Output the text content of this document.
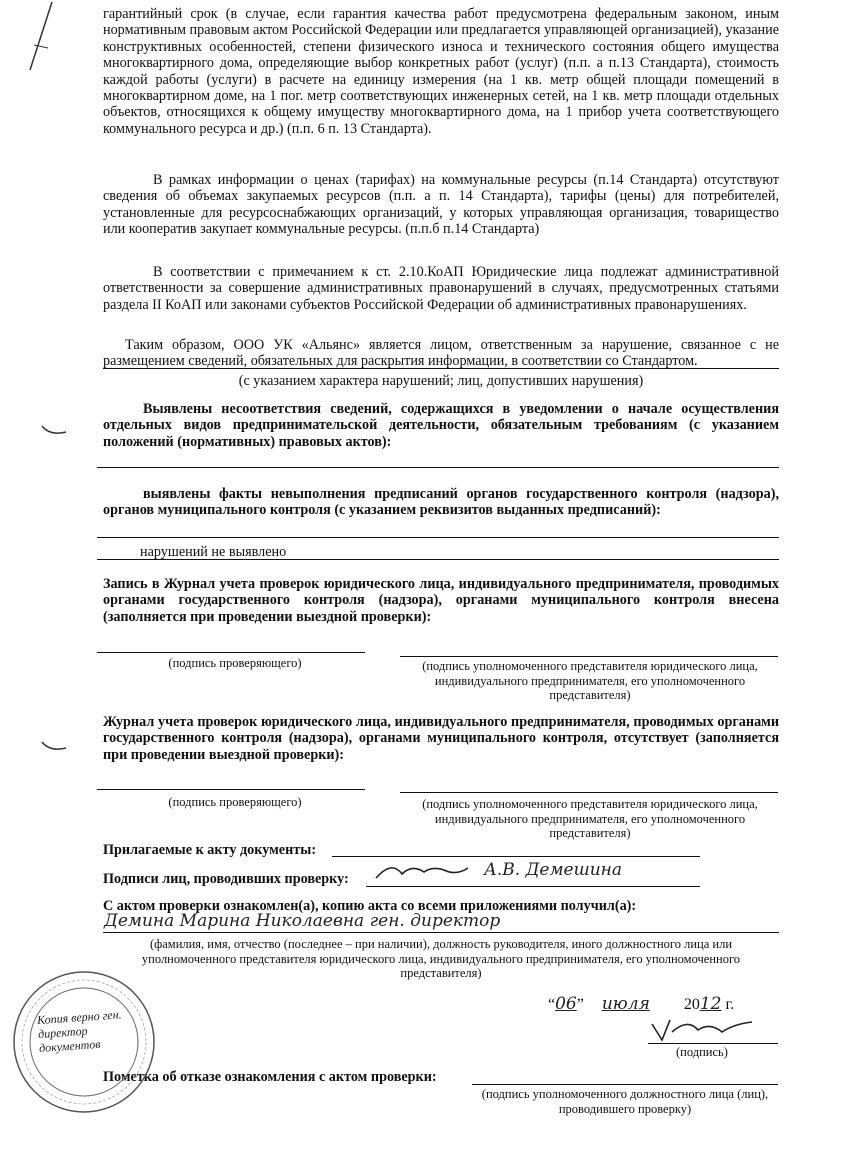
гарантийный срок (в случае, если гарантия качества работ предусмотрена федеральным законом, иным нормативным правовым актом Российской Федерации или предлагается управляющей организацией), указание конструктивных особенностей, степени физического износа и технического состояния общего имущества многоквартирного дома, определяющие выбор конкретных работ (услуг) (п.п. а п.13 Стандарта), стоимость каждой работы (услуги) в расчете на единицу измерения (на 1 кв. метр общей площади помещений в многоквартирном доме, на 1 пог. метр соответствующих инженерных сетей, на 1 кв. метр площади отдельных объектов, относящихся к общему имуществу многоквартирного дома, на 1 прибор учета соответствующего коммунального ресурса и др.) (п.п. 6 п. 13 Стандарта).
В рамках информации о ценах (тарифах) на коммунальные ресурсы (п.14 Стандарта) отсутствуют сведения об объемах закупаемых ресурсов (п.п. а п. 14 Стандарта), тарифы (цены) для потребителей, установленные для ресурсоснабжающих организаций, у которых управляющая организация, товарищество или кооператив закупает коммунальные ресурсы. (п.п.б п.14 Стандарта)
В соответствии с примечанием к ст. 2.10.КоАП Юридические лица подлежат административной ответственности за совершение административных правонарушений в случаях, предусмотренных статьями раздела II КоАП или законами субъектов Российской Федерации об административных правонарушениях.
Таким образом, ООО УК «Альянс» является лицом, ответственным за нарушение, связанное с не размещением сведений, обязательных для раскрытия информации, в соответствии со Стандартом.
(с указанием характера нарушений; лиц, допустивших нарушения)
Выявлены несоответствия сведений, содержащихся в уведомлении о начале осуществления отдельных видов предпринимательской деятельности, обязательным требованиям (с указанием положений (нормативных) правовых актов):
выявлены факты невыполнения предписаний органов государственного контроля (надзора), органов муниципального контроля (с указанием реквизитов выданных предписаний):
нарушений не выявлено
Запись в Журнал учета проверок юридического лица, индивидуального предпринимателя, проводимых органами государственного контроля (надзора), органами муниципального контроля внесена (заполняется при проведении выездной проверки):
(подпись проверяющего)	(подпись уполномоченного представителя юридического лица, индивидуального предпринимателя, его уполномоченного представителя)
Журнал учета проверок юридического лица, индивидуального предпринимателя, проводимых органами государственного контроля (надзора), органами муниципального контроля, отсутствует (заполняется при проведении выездной проверки):
(подпись проверяющего)	(подпись уполномоченного представителя юридического лица, индивидуального предпринимателя, его уполномоченного представителя)
Прилагаемые к акту документы:
Подписи лиц, проводивших проверку:	А.В. Демешина
С актом проверки ознакомлен(а), копию акта со всеми приложениями получил(а):
Демина Марина Николаевна ген. директор
(фамилия, имя, отчество (последнее – при наличии), должность руководителя, иного должностного лица или уполномоченного представителя юридического лица, индивидуального предпринимателя, его уполномоченного представителя)
“06” июля 2012 г.
(подпись)
Пометка об отказе ознакомления с актом проверки:
(подпись уполномоченного должностного лица (лиц), проводившего проверку)
Копия верно ген. директор документов
